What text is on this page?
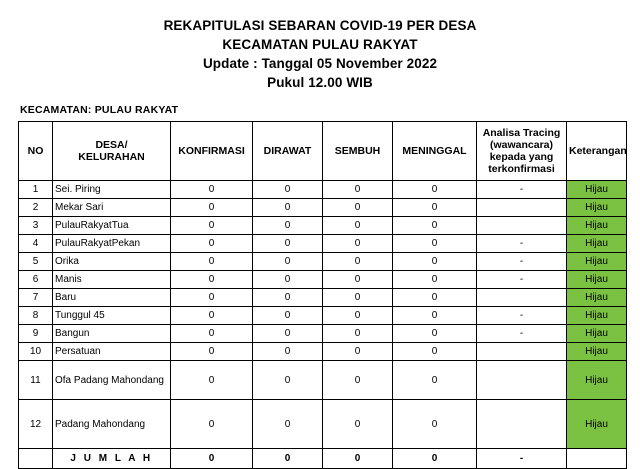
REKAPITULASI SEBARAN COVID-19 PER DESA
KECAMATAN PULAU RAKYAT
Update : Tanggal 05 November 2022
Pukul 12.00 WIB
KECAMATAN: PULAU RAKYAT
NO	DESA/
KELURAHAN	KONFIRMASI	DIRAWAT	SEMBUH	MENINGGAL	Analisa Tracing
(wawancara)
kepada yang
terkonfirmasi	Keterangan
1	Sei. Piring	0	0	0	0	-	Hijau
2	Mekar Sari	0	0	0	0		Hijau
3	PulauRakyatTua	0	0	0	0		Hijau
4	PulauRakyatPekan	0	0	0	0	-	Hijau
5	Orika	0	0	0	0	-	Hijau
6	Manis	0	0	0	0	-	Hijau
7	Baru	0	0	0	0		Hijau
8	Tunggul 45	0	0	0	0	-	Hijau
9	Bangun	0	0	0	0	-	Hijau
10	Persatuan	0	0	0	0		Hijau
11	Ofa Padang Mahondang	0	0	0	0		Hijau
12	Padang Mahondang	0	0	0	0		Hijau
	J U M L A H	0	0	0	0	-	
